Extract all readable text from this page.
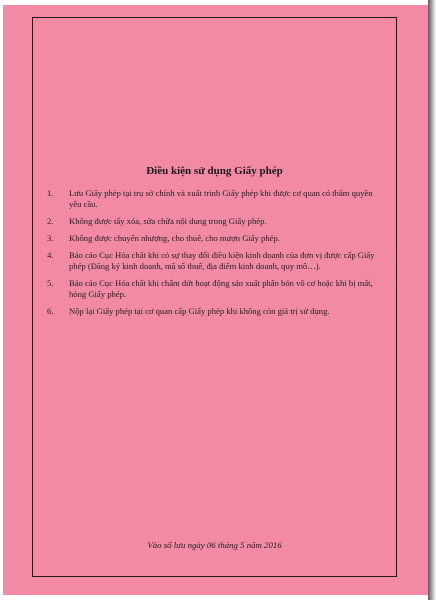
Điều kiện sử dụng Giấy phép
1. Lưu Giấy phép tại trụ sở chính và xuất trình Giấy phép khi được cơ quan có thẩm quyền yêu cầu.
2. Không được tẩy xóa, sửa chữa nội dung trong Giấy phép.
3. Không được chuyển nhượng, cho thuê, cho mượn Giấy phép.
4. Báo cáo Cục Hóa chất khi có sự thay đổi điều kiện kinh doanh của đơn vị được cấp Giấy phép (Đăng ký kinh doanh, mã số thuế, địa điểm kinh doanh, quy mô…).
5. Báo cáo Cục Hóa chất khi chấm dứt hoạt động sản xuất phân bón vô cơ hoặc khi bị mất, hỏng Giấy phép.
6. Nộp lại Giấy phép tại cơ quan cấp Giấy phép khi không còn giá trị sử dụng.
Vào sổ lưu ngày 06 tháng 5 năm 2016
